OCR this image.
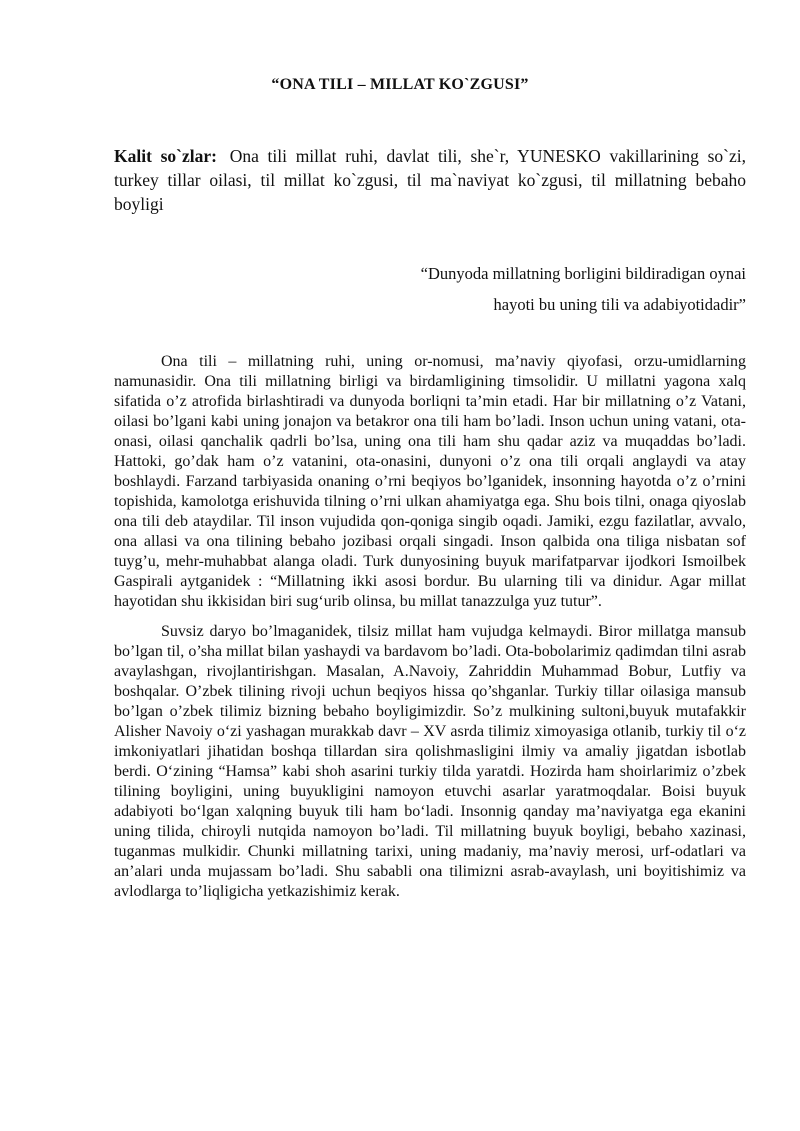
“ONA TILI – MILLAT KO`ZGUSI”

Kalit so`zlar: Ona tili millat ruhi, davlat tili, she`r, YUNESKO vakillarining so`zi, turkey tillar oilasi, til millat ko`zgusi, til ma`naviyat ko`zgusi, til millatning bebaho boyligi

“Dunyoda millatning borligini bildiradigan oynai
hayoti bu uning tili va adabiyotidadir”

Ona tili – millatning ruhi, uning or-nomusi, ma’naviy qiyofasi, orzu-umidlarning namunasidir. Ona tili millatning birligi va birdamligining timsolidir. U millatni yagona xalq sifatida o’z atrofida birlashtiradi va dunyoda borliqni ta’min etadi. Har bir millatning o’z Vatani, oilasi bo’lgani kabi uning jonajon va betakror ona tili ham bo’ladi. Inson uchun uning vatani, ota-onasi, oilasi qanchalik qadrli bo’lsa, uning ona tili ham shu qadar aziz va muqaddas bo’ladi. Hattoki, go’dak ham o’z vatanini, ota-onasini, dunyoni o’z ona tili orqali anglaydi va atay boshlaydi. Farzand tarbiyasida onaning o’rni beqiyos bo’lganidek, insonning hayotda o’z o’rnini topishida, kamolotga erishuvida tilning o’rni ulkan ahamiyatga ega. Shu bois tilni, onaga qiyoslab ona tili deb ataydilar. Til inson vujudida qon-qoniga singib oqadi. Jamiki, ezgu fazilatlar, avvalo, ona allasi va ona tilining bebaho jozibasi orqali singadi. Inson qalbida ona tiliga nisbatan sof tuyg’u, mehr-muhabbat alanga oladi. Turk dunyosining buyuk marifatparvar ijodkori Ismoilbek Gaspirali aytganidek : “Millatning ikki asosi bordur. Bu ularning tili va dinidur. Agar millat hayotidan shu ikkisidan biri sug‘urib olinsa, bu millat tanazzulga yuz tutur”.

Suvsiz daryo bo’lmaganidek, tilsiz millat ham vujudga kelmaydi. Biror millatga mansub bo’lgan til, o’sha millat bilan yashaydi va bardavom bo’ladi. Ota-bobolarimiz qadimdan tilni asrab avaylashgan, rivojlantirishgan. Masalan, A.Navoiy, Zahriddin Muhammad Bobur, Lutfiy va boshqalar. O’zbek tilining rivoji uchun beqiyos hissa qo’shganlar. Turkiy tillar oilasiga mansub bo’lgan o’zbek tilimiz bizning bebaho boyligimizdir. So’z mulkining sultoni,buyuk mutafakkir Alisher Navoiy o‘zi yashagan murakkab davr – XV asrda tilimiz ximoyasiga otlanib, turkiy til o‘z imkoniyatlari jihatidan boshqa tillardan sira qolishmasligini ilmiy va amaliy jigatdan isbotlab berdi. O‘zining “Hamsa” kabi shoh asarini turkiy tilda yaratdi. Hozirda ham shoirlarimiz o’zbek tilining boyligini, uning buyukligini namoyon etuvchi asarlar yaratmoqdalar. Boisi buyuk adabiyoti bo‘lgan xalqning buyuk tili ham bo‘ladi. Insonnig qanday ma’naviyatga ega ekanini uning tilida, chiroyli nutqida namoyon bo’ladi. Til millatning buyuk boyligi, bebaho xazinasi, tuganmas mulkidir. Chunki millatning tarixi, uning madaniy, ma’naviy merosi, urf-odatlari va an’alari unda mujassam bo’ladi. Shu sababli ona tilimizni asrab-avaylash, uni boyitishimiz va avlodlarga to’liqligicha yetkazishimiz kerak.
